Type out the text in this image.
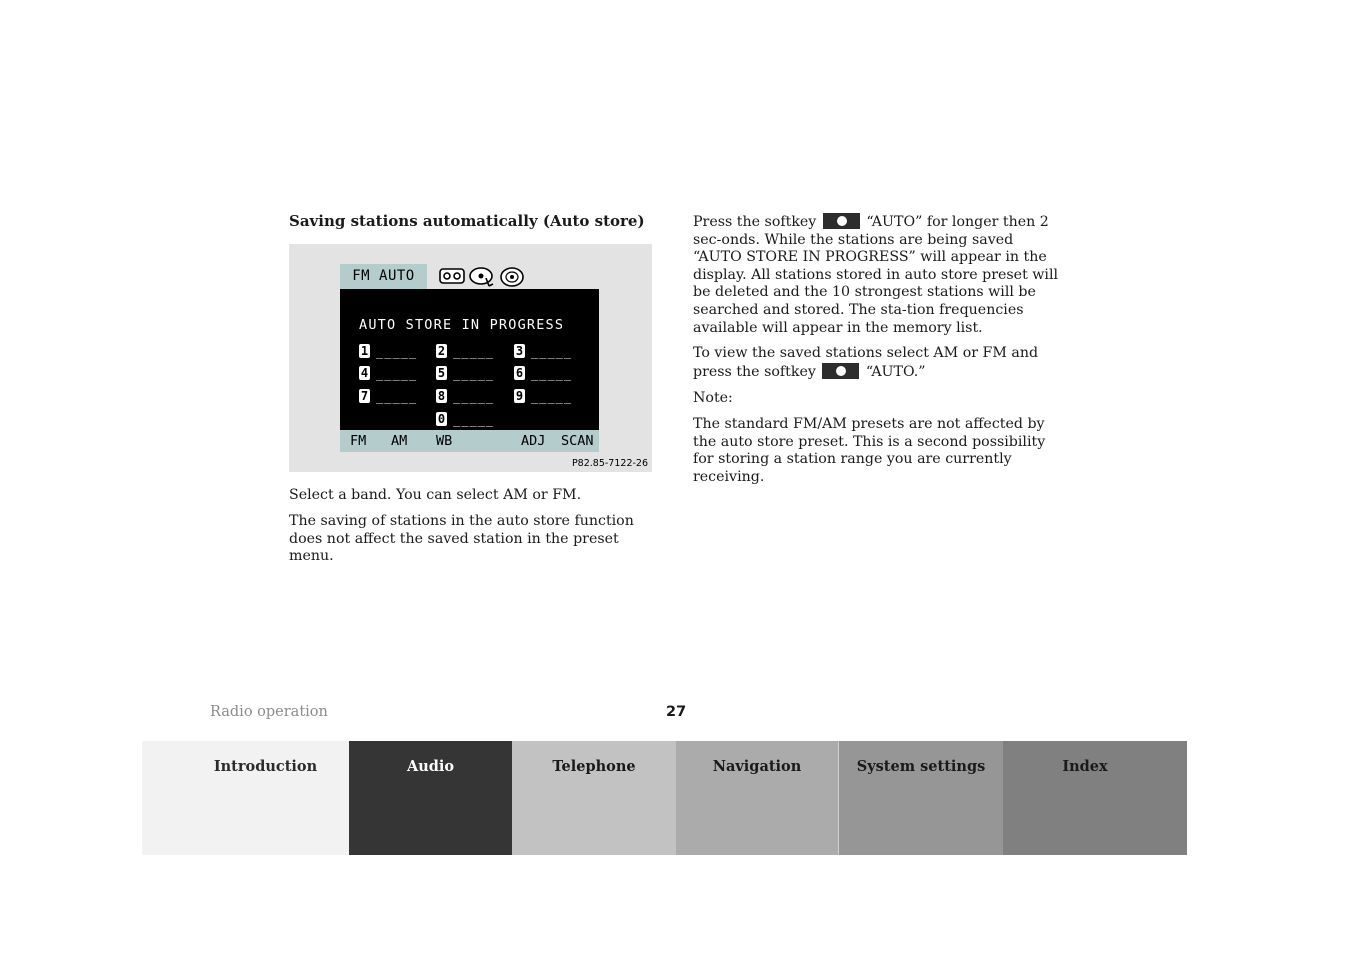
Saving stations automatically (Auto store)

FM AUTO
AUTO STORE IN PROGRESS
1 _____ 2 _____ 3 _____
4 _____ 5 _____ 6 _____
7 _____ 8 _____ 9 _____
0 _____
FM AM WB	ADJ SCAN
P82.85-7122-26

Select a band. You can select AM or FM.

The saving of stations in the auto store function does not affect the saved station in the preset menu.

Press the softkey	“AUTO” for longer then 2 sec-onds. While the stations are being saved “AUTO STORE IN PROGRESS” will appear in the display. All stations stored in auto store preset will be deleted and the 10 strongest stations will be searched and stored. The sta-tion frequencies available will appear in the memory list.

To view the saved stations select AM or FM and press the softkey	“AUTO.”

Note:

The standard FM/AM presets are not affected by the auto store preset. This is a second possibility for storing a station range you are currently receiving.

Radio operation	27
Introduction	Audio	Telephone	Navigation	System settings	Index
